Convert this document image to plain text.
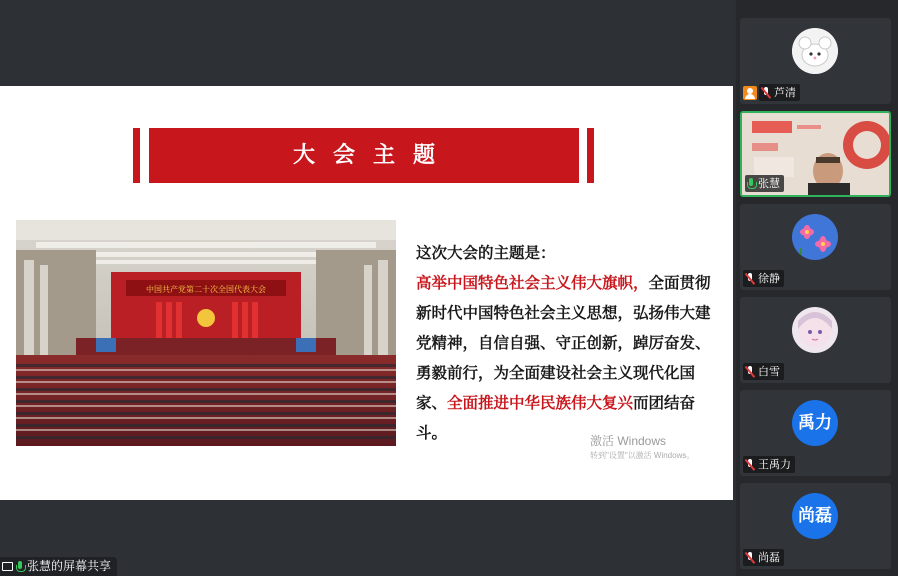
大会主题
中国共产党第二十次全国代表大会
这次大会的主题是：
高举中国特色社会主义伟大旗帜，全面贯彻新时代中国特色社会主义思想，弘扬伟大建党精神，自信自强、守正创新，踔厉奋发、勇毅前行，为全面建设社会主义现代化国家、全面推进中华民族伟大复兴而团结奋斗。	激活 Windows
转到"设置"以激活 Windows。
张慧的屏幕共享
芦清
张慧
徐静
白雪
禹力
王禹力
尚磊
尚磊
